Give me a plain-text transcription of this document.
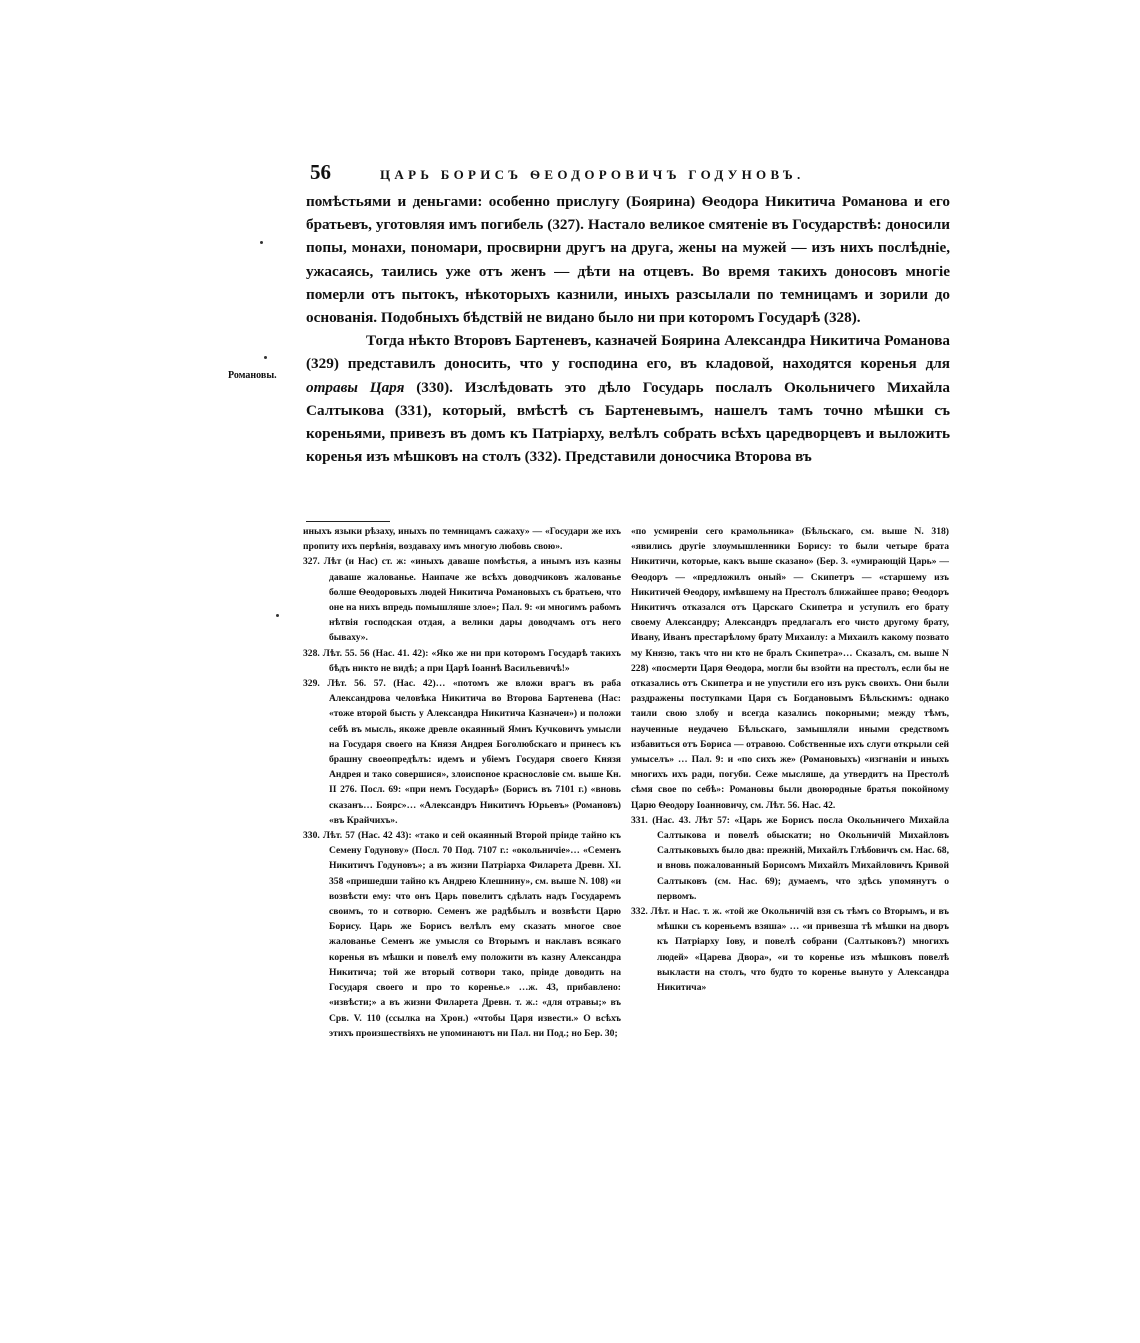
56	ЦАРЬ БОРИСЪ ѲЕОДОРОВИЧЪ ГОДУНОВЪ.
Романовы.

помѣстьями и деньгами: особенно прислугу (Боярина) Ѳеодора Никитича Романова и его братьевъ, уготовляя имъ погибель (327). Настало великое смятеніе въ Государствѣ: доносили попы, монахи, пономари, просвирни другъ на друга, жены на мужей — изъ нихъ послѣдніе, ужасаясь, таились уже отъ женъ — дѣти на отцевъ. Во время такихъ доносовъ многіе померли отъ пытокъ, нѣкоторыхъ казнили, иныхъ разсылали по темницамъ и зорили до основанія. Подобныхъ бѣдствій не видано было ни при которомъ Государѣ (328).

Тогда нѣкто Второвъ Бартеневъ, казначей Боярина Александра Никитича Романова (329) представилъ доносить, что у господина его, въ кладовой, находятся коренья для отравы Царя (330). Изслѣдовать это дѣло Государь послалъ Окольничего Михайла Салтыкова (331), который, вмѣстѣ съ Бартеневымъ, нашелъ тамъ точно мѣшки съ кореньями, привезъ въ домъ къ Патріарху, велѣлъ собрать всѣхъ царедворцевъ и выложить коренья изъ мѣшковъ на столъ (332). Представили доносчика Второва въ

иныхъ языки рѣзаху, иныхъ по темницамъ сажаху» — «Государи же ихъ пропиту ихъ перѣнія, воздаваху имъ многую любовь свою».

327. Лѣт (и Нас) ст. ж: «иныхъ даваше помѣстья, а инымъ изъ казны даваше жалованье. Наипаче же всѣхъ доводчиковъ жалованье болше Ѳеодоровыхъ людей Никитича Романовыхъ съ братьею, что оне на нихъ впредь помышляше злое»; Пал. 9: «и многимъ рабомъ нѣтвія господская отдая, а велики дары доводчамъ отъ него бываху».

328. Лѣт. 55. 56 (Нас. 41. 42): «Яко же ни при которомъ Государѣ такихъ бѣдъ никто не видѣ; а при Царѣ Іоаннѣ Васильевичѣ!»

329. Лѣт. 56. 57. (Нас. 42)… «потомъ же вложи врагъ въ раба Александрова человѣка Никитича во Второва Бартенева (Нас: «тоже второй бысть у Александра Никитича Казначеи») и положи себѣ въ мысль, якоже древле окаянный Ямнъ Кучковичъ умысли на Государя своего на Князя Андрея Боголюбскаго и принесъ къ брашну своеопредѣлъ: идемъ и убіемъ Государя своего Князя Андрея и тако совершися», злоиспоное краснословіе см. выше Кн. II 276. Посл. 69: «при немъ Государѣ» (Борисъ въ 7101 г.) «вновь сказанъ… Боярс»… «Александръ Никитичъ Юрьевъ» (Романовъ) «въ Крайчихъ».

330. Лѣт. 57 (Нас. 42 43): «тако и сей окаянный Второй пріиде тайно къ Семену Годунову» (Посл. 70 Под. 7107 г.: «окольничіе»… «Семенъ Никитичъ Годуновъ»; а въ жизни Патріарха Филарета Древн. XI. 358 «пришедши тайно къ Андрею Клешнину», см. выше N. 108) «и возвѣсти ему: что онъ Царь повелитъ сдѣлать надъ Государемъ своимъ, то и сотворю. Семенъ же радѣбылъ и возвѣсти Царю Борису. Царь же Борисъ велѣлъ ему сказать многое свое жалованье Семенъ же умысля со Вторымъ и наклавъ всякаго коренья въ мѣшки и повелѣ ему положити въ казну Александра Никитича; той же вторый сотвори тако, пріиде доводить на Государя своего и про то коренье.» …ж. 43, прибавлено: «извѣсти;» а въ жизни Филарета Древн. т. ж.: «для отравы;» въ Срв. V. 110 (ссылка на Хрон.) «чтобы Царя извести.» О всѣхъ этихъ произшествіяхъ не упоминаютъ ни Пал. ни Под.; но Бер. 30;

«по усмиреніи сего крамольника» (Бѣльскаго, см. выше N. 318) «явились другіе злоумышленники Борису: то были четыре брата Никитичи, которые, какъ выше сказано» (Бер. 3. «умирающій Царь» — Ѳеодоръ — «предложилъ оный» — Скипетръ — «старшему изъ Никитичей Ѳеодору, имѣвшему на Престолъ ближайшее право; Ѳеодоръ Никитичъ отказался отъ Царскаго Скипетра и уступилъ его брату своему Александру; Александръ предлагалъ его чисто другому брату, Ивану, Иванъ престарѣлому брату Михаилу: а Михаилъ какому позвато му Князю, такъ что ни кто не бралъ Скипетра»… Сказалъ, см. выше N 228) «посмерти Царя Ѳеодора, могли бы взойти на престолъ, если бы не отказались отъ Скипетра и не упустили его изъ рукъ своихъ. Они были раздражены поступками Царя съ Богдановымъ Бѣльскимъ: однако таили свою злобу и всегда казались покорными; между тѣмъ, наученные неудачею Бѣльскаго, замышляли иными средствомъ избавиться отъ Бориса — отравою. Собственные ихъ слуги открыли сей умыселъ» … Пал. 9: и «по сихъ же» (Романовыхъ) «изгнаніи и иныхъ многихъ ихъ ради, погуби. Сеже мысляше, да утвердитъ на Престолѣ сѣмя свое по себѣ»: Романовы были двоюродные братья покойному Царю Ѳеодору Іоанновичу, см. Лѣт. 56. Нас. 42.

331. (Нас. 43. Лѣт 57: «Царь же Борисъ посла Окольничего Михайла Салтыкова и повелѣ обыскати; но Окольничій Михайловъ Салтыковыхъ было два: прежній, Михайлъ Глѣбовичъ см. Нас. 68, и вновь пожалованный Борисомъ Михайлъ Михайловичъ Кривой Салтыковъ (см. Нас. 69); думаемъ, что здѣсь упомянутъ о первомъ.

332. Лѣт. и Нас. т. ж. «той же Окольничій взя съ тѣмъ со Вторымъ, и въ мѣшки съ кореньемъ взяша» … «и привезша тѣ мѣшки на дворъ къ Патріарху Іову, и повелѣ собрани (Салтыковъ?) многихъ людей» «Царева Двора», «и то коренье изъ мѣшковъ повелѣ выкласти на столъ, что будто то коренье вынуто у Александра Никитича»
